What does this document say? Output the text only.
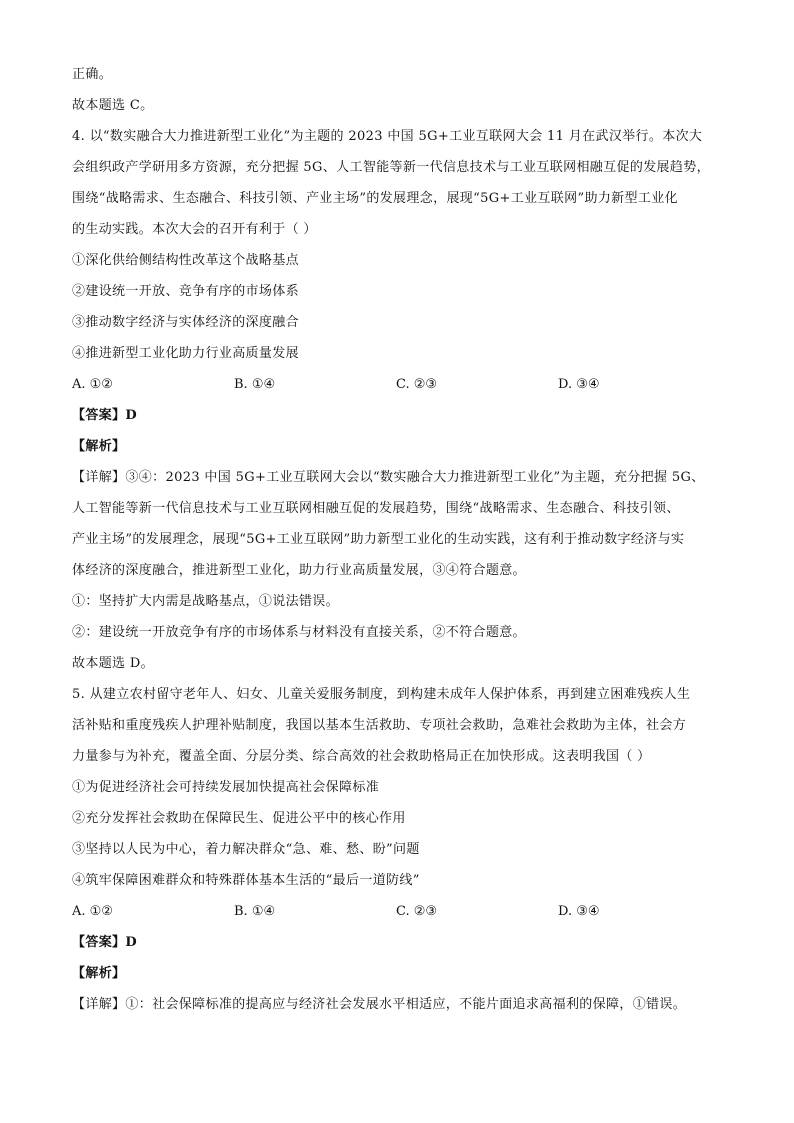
正确。
故本题选 C。
4. 以“数实融合大力推进新型工业化”为主题的 2023 中国 5G+工业互联网大会 11 月在武汉举行。本次大
会组织政产学研用多方资源，充分把握 5G、人工智能等新一代信息技术与工业互联网相融互促的发展趋势，
围绕“战略需求、生态融合、科技引领、产业主场”的发展理念，展现“5G+工业互联网”助力新型工业化
的生动实践。本次大会的召开有利于（ ）
①深化供给侧结构性改革这个战略基点
②建设统一开放、竞争有序的市场体系
③推动数字经济与实体经济的深度融合
④推进新型工业化助力行业高质量发展
A. ①②	B. ①④	C. ②③	D. ③④
【答案】D
【解析】
【详解】③④：2023 中国 5G+工业互联网大会以“数实融合大力推进新型工业化”为主题，充分把握 5G、
人工智能等新一代信息技术与工业互联网相融互促的发展趋势，围绕“战略需求、生态融合、科技引领、
产业主场”的发展理念，展现“5G+工业互联网”助力新型工业化的生动实践，这有利于推动数字经济与实
体经济的深度融合，推进新型工业化，助力行业高质量发展，③④符合题意。
①：坚持扩大内需是战略基点，①说法错误。
②：建设统一开放竞争有序的市场体系与材料没有直接关系，②不符合题意。
故本题选 D。
5. 从建立农村留守老年人、妇女、儿童关爱服务制度，到构建未成年人保护体系，再到建立困难残疾人生
活补贴和重度残疾人护理补贴制度，我国以基本生活救助、专项社会救助，急难社会救助为主体，社会方
力量参与为补充，覆盖全面、分层分类、综合高效的社会救助格局正在加快形成。这表明我国（ ）
①为促进经济社会可持续发展加快提高社会保障标准
②充分发挥社会救助在保障民生、促进公平中的核心作用
③坚持以人民为中心，着力解决群众“急、难、愁、盼”问题
④筑牢保障困难群众和特殊群体基本生活的“最后一道防线”
A. ①②	B. ①④	C. ②③	D. ③④
【答案】D
【解析】
【详解】①：社会保障标准的提高应与经济社会发展水平相适应，不能片面追求高福利的保障，①错误。
